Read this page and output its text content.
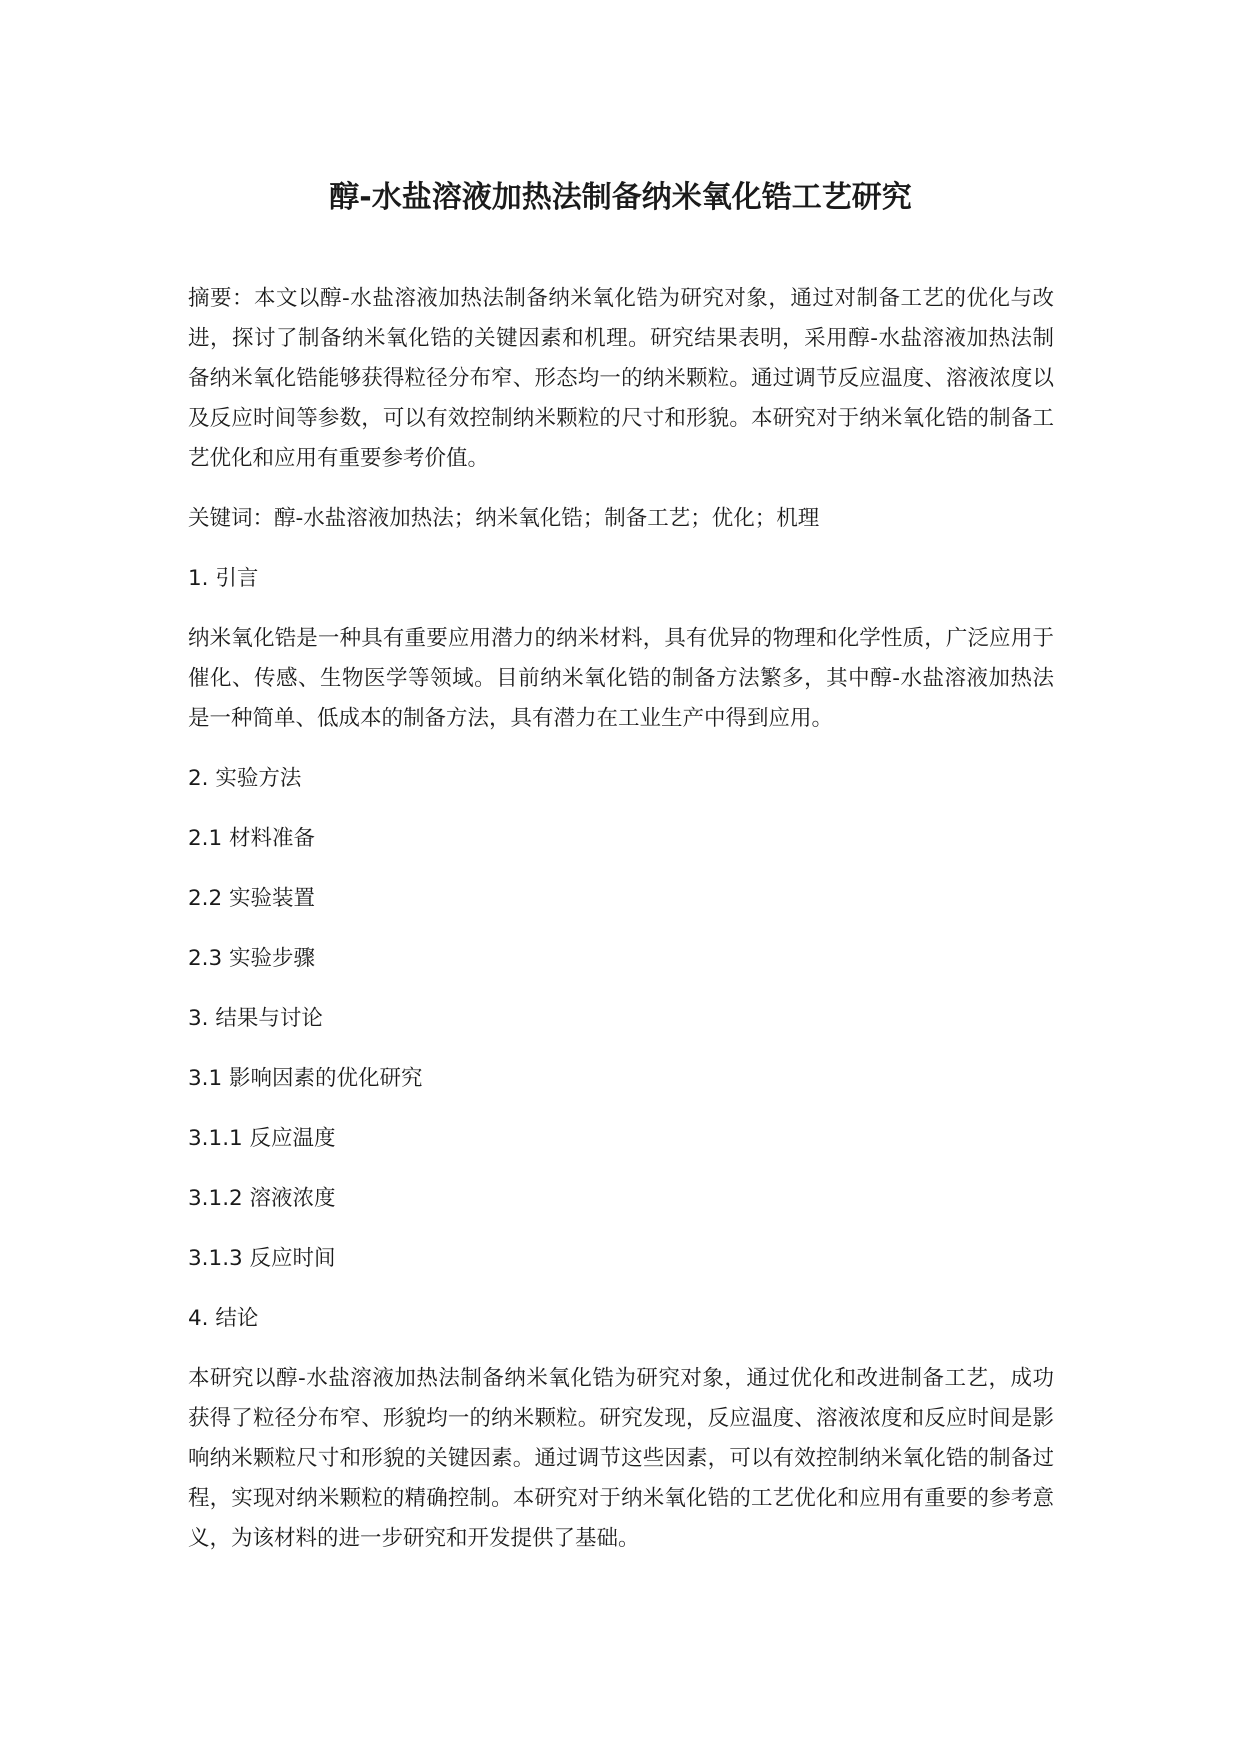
醇-水盐溶液加热法制备纳米氧化锆工艺研究

摘要：本文以醇-水盐溶液加热法制备纳米氧化锆为研究对象，通过对制备工艺的优化与改进，探讨了制备纳米氧化锆的关键因素和机理。研究结果表明，采用醇-水盐溶液加热法制备纳米氧化锆能够获得粒径分布窄、形态均一的纳米颗粒。通过调节反应温度、溶液浓度以及反应时间等参数，可以有效控制纳米颗粒的尺寸和形貌。本研究对于纳米氧化锆的制备工艺优化和应用有重要参考价值。

关键词：醇-水盐溶液加热法；纳米氧化锆；制备工艺；优化；机理

1. 引言

纳米氧化锆是一种具有重要应用潜力的纳米材料，具有优异的物理和化学性质，广泛应用于催化、传感、生物医学等领域。目前纳米氧化锆的制备方法繁多，其中醇-水盐溶液加热法是一种简单、低成本的制备方法，具有潜力在工业生产中得到应用。

2. 实验方法

2.1 材料准备

2.2 实验装置

2.3 实验步骤

3. 结果与讨论

3.1 影响因素的优化研究

3.1.1 反应温度

3.1.2 溶液浓度

3.1.3 反应时间

4. 结论

本研究以醇-水盐溶液加热法制备纳米氧化锆为研究对象，通过优化和改进制备工艺，成功获得了粒径分布窄、形貌均一的纳米颗粒。研究发现，反应温度、溶液浓度和反应时间是影响纳米颗粒尺寸和形貌的关键因素。通过调节这些因素，可以有效控制纳米氧化锆的制备过程，实现对纳米颗粒的精确控制。本研究对于纳米氧化锆的工艺优化和应用有重要的参考意义，为该材料的进一步研究和开发提供了基础。
